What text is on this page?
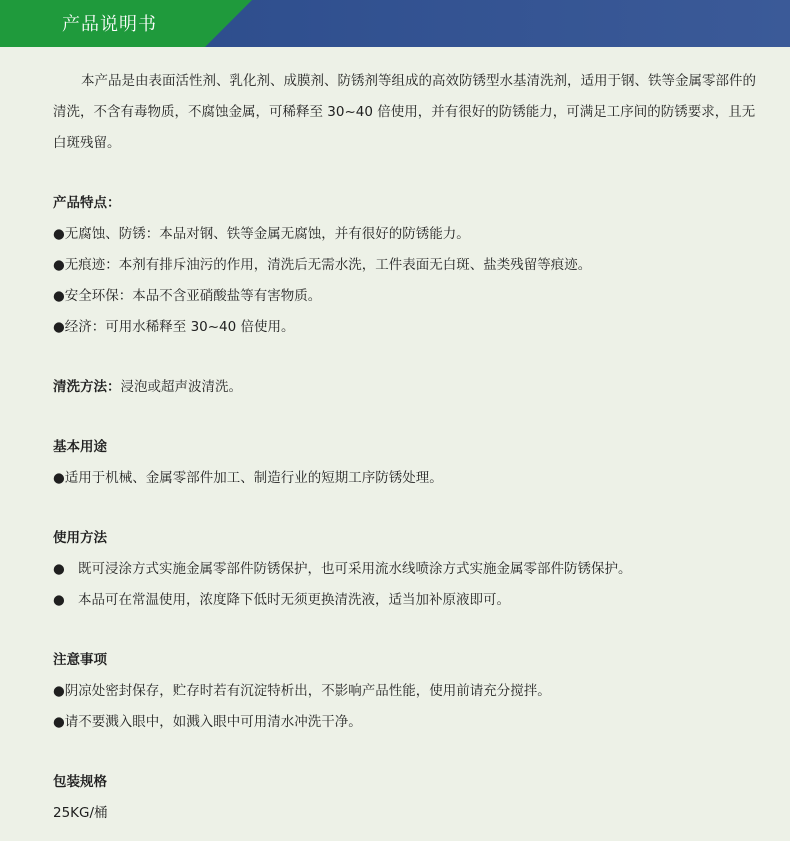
产品说明书

本产品是由表面活性剂、乳化剂、成膜剂、防锈剂等组成的高效防锈型水基清洗剂，适用于钢、铁等金属零部件的清洗，不含有毒物质，不腐蚀金属，可稀释至 30~40 倍使用，并有很好的防锈能力，可满足工序间的防锈要求，且无白斑残留。

产品特点：

●无腐蚀、防锈：本品对钢、铁等金属无腐蚀，并有很好的防锈能力。

●无痕迹：本剂有排斥油污的作用，清洗后无需水洗，工件表面无白斑、盐类残留等痕迹。

●安全环保：本品不含亚硝酸盐等有害物质。

●经济：可用水稀释至 30~40 倍使用。

清洗方法：浸泡或超声波清洗。

基本用途

●适用于机械、金属零部件加工、制造行业的短期工序防锈处理。

使用方法

● 既可浸涂方式实施金属零部件防锈保护，也可采用流水线喷涂方式实施金属零部件防锈保护。

● 本品可在常温使用，浓度降下低时无须更换清洗液，适当加补原液即可。

注意事项

●阴凉处密封保存，贮存时若有沉淀特析出，不影响产品性能，使用前请充分搅拌。

●请不要溅入眼中，如溅入眼中可用清水冲洗干净。

包装规格

25KG/桶
